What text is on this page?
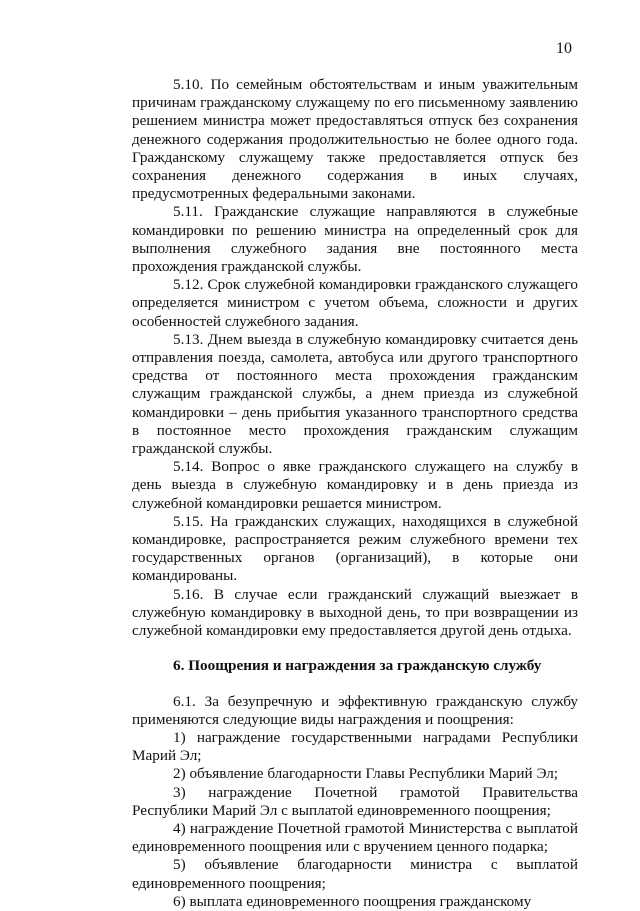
10

5.10. По семейным обстоятельствам и иным уважительным причинам гражданскому служащему по его письменному заявлению решением министра может предоставляться отпуск без сохранения денежного содержания продолжительностью не более одного года. Гражданскому служащему также предоставляется отпуск без сохранения денежного содержания в иных случаях, предусмотренных федеральными законами.

5.11. Гражданские служащие направляются в служебные командировки по решению министра на определенный срок для выполнения служебного задания вне постоянного места прохождения гражданской службы.

5.12. Срок служебной командировки гражданского служащего определяется министром с учетом объема, сложности и других особенностей служебного задания.

5.13. Днем выезда в служебную командировку считается день отправления поезда, самолета, автобуса или другого транспортного средства от постоянного места прохождения гражданским служащим гражданской службы, а днем приезда из служебной командировки – день прибытия указанного транспортного средства в постоянное место прохождения гражданским служащим гражданской службы.

5.14. Вопрос о явке гражданского служащего на службу в день выезда в служебную командировку и в день приезда из служебной командировки решается министром.

5.15. На гражданских служащих, находящихся в служебной командировке, распространяется режим служебного времени тех государственных органов (организаций), в которые они командированы.

5.16. В случае если гражданский служащий выезжает в служебную командировку в выходной день, то при возвращении из служебной командировки ему предоставляется другой день отдыха.

6. Поощрения и награждения за гражданскую службу

6.1. За безупречную и эффективную гражданскую службу применяются следующие виды награждения и поощрения:

1) награждение государственными наградами Республики Марий Эл;

2) объявление благодарности Главы Республики Марий Эл;

3) награждение Почетной грамотой Правительства Республики Марий Эл с выплатой единовременного поощрения;

4) награждение Почетной грамотой Министерства с выплатой единовременного поощрения или с вручением ценного подарка;

5) объявление благодарности министра с выплатой единовременного поощрения;

6) выплата единовременного поощрения гражданскому
